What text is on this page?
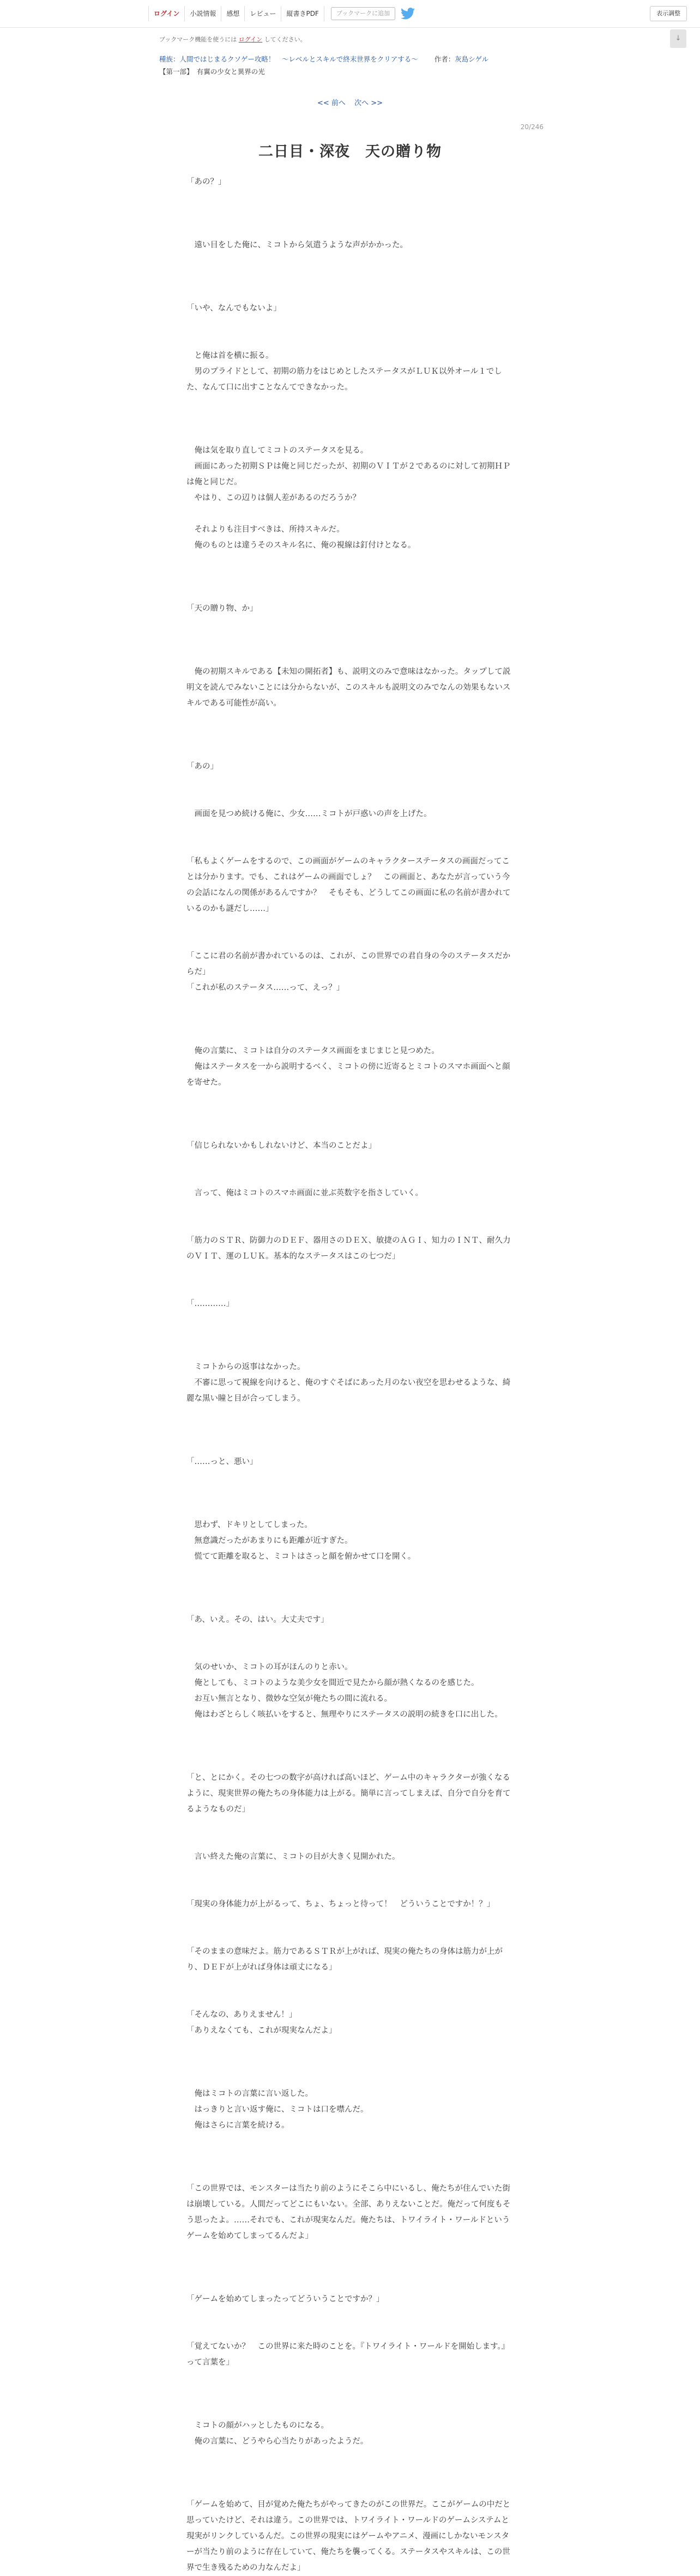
ログイン	小説情報	感想	レビュー	縦書きPDF	ブックマークに追加	表示調整
↓
ブックマーク機能を使うには ログイン してください。
種族：人間ではじまるクソゲー攻略！　〜レベルとスキルで終末世界をクリアする〜 作者：灰島シゲル
【第一部】　有翼の少女と異界の光
<< 前へ 次へ >>
20/246
二日目・深夜　天の贈り物

「あの？」

　遠い目をした俺に、ミコトから気遣うような声がかかった。

「いや、なんでもないよ」

　と俺は首を横に振る。

　男のプライドとして、初期の筋力をはじめとしたステータスがＬＵＫ以外オール１でした、なんて口に出すことなんてできなかった。

　俺は気を取り直してミコトのステータスを見る。

　画面にあった初期ＳＰは俺と同じだったが、初期のＶＩＴが２であるのに対して初期ＨＰは俺と同じだ。

　やはり、この辺りは個人差があるのだろうか？

　それよりも注目すべきは、所持スキルだ。

　俺のものとは違うそのスキル名に、俺の視線は釘付けとなる。

「天の贈り物、か」

　俺の初期スキルである【未知の開拓者】も、説明文のみで意味はなかった。タップして説明文を読んでみないことには分からないが、このスキルも説明文のみでなんの効果もないスキルである可能性が高い。

「あの」

　画面を見つめ続ける俺に、少女……ミコトが戸惑いの声を上げた。

「私もよくゲームをするので、この画面がゲームのキャラクターステータスの画面だってことは分かります。でも、これはゲームの画面でしょ？　この画面と、あなたが言っていう今の会話になんの関係があるんですか？　そもそも、どうしてこの画面に私の名前が書かれているのかも謎だし……」

「ここに君の名前が書かれているのは、これが、この世界での君自身の今のステータスだからだ」

「これが私のステータス……って、えっ？」

　俺の言葉に、ミコトは自分のステータス画面をまじまじと見つめた。

　俺はステータスを一から説明するべく、ミコトの傍に近寄るとミコトのスマホ画面へと顔を寄せた。

「信じられないかもしれないけど、本当のことだよ」

　言って、俺はミコトのスマホ画面に並ぶ英数字を指さしていく。

「筋力のＳＴＲ、防御力のＤＥＦ、器用さのＤＥＸ、敏捷のＡＧＩ、知力のＩＮＴ、耐久力のＶＩＴ、運のＬＵＫ。基本的なステータスはこの七つだ」

「…………」

　ミコトからの返事はなかった。

　不審に思って視線を向けると、俺のすぐそばにあった月のない夜空を思わせるような、綺麗な黒い瞳と目が合ってしまう。

「……っと、悪い」

　思わず、ドキリとしてしまった。

　無意識だったがあまりにも距離が近すぎた。

　慌てて距離を取ると、ミコトはさっと顔を俯かせて口を開く。

「あ、いえ。その、はい。大丈夫です」

　気のせいか、ミコトの耳がほんのりと赤い。

　俺としても、ミコトのような美少女を間近で見たから顔が熱くなるのを感じた。

　お互い無言となり、微妙な空気が俺たちの間に流れる。

　俺はわざとらしく咳払いをすると、無理やりにステータスの説明の続きを口に出した。

「と、とにかく。その七つの数字が高ければ高いほど、ゲーム中のキャラクターが強くなるように、現実世界の俺たちの身体能力は上がる。簡単に言ってしまえば、自分で自分を育てるようなものだ」

　言い終えた俺の言葉に、ミコトの目が大きく見開かれた。

「現実の身体能力が上がるって、ちょ、ちょっと待って！　どういうことですか！？」

「そのままの意味だよ。筋力であるＳＴＲが上がれば、現実の俺たちの身体は筋力が上がり、ＤＥＦが上がれば身体は頑丈になる」

「そんなの、ありえません！」

「ありえなくても、これが現実なんだよ」

　俺はミコトの言葉に言い返した。

　はっきりと言い返す俺に、ミコトは口を噤んだ。

　俺はさらに言葉を続ける。

「この世界では、モンスターは当たり前のようにそこら中にいるし、俺たちが住んでいた街は崩壊している。人間だってどこにもいない。全部、ありえないことだ。俺だって何度もそう思ったよ。……それでも、これが現実なんだ。俺たちは、トワイライト・ワールドというゲームを始めてしまってるんだよ」

「ゲームを始めてしまったってどういうことですか？」

「覚えてないか？　この世界に来た時のことを。『トワイライト・ワールドを開始します。』って言葉を」

　ミコトの顔がハッとしたものになる。

　俺の言葉に、どうやら心当たりがあったようだ。

「ゲームを始めて、目が覚めた俺たちがやってきたのがこの世界だ。ここがゲームの中だと思っていたけど、それは違う。この世界では、トワイライト・ワールドのゲームシステムと現実がリンクしているんだ。この世界の現実にはゲームやアニメ、漫画にしかないモンスターが当たり前のように存在していて、俺たちを襲ってくる。ステータスやスキルは、この世界で生き残るための力なんだよ」
